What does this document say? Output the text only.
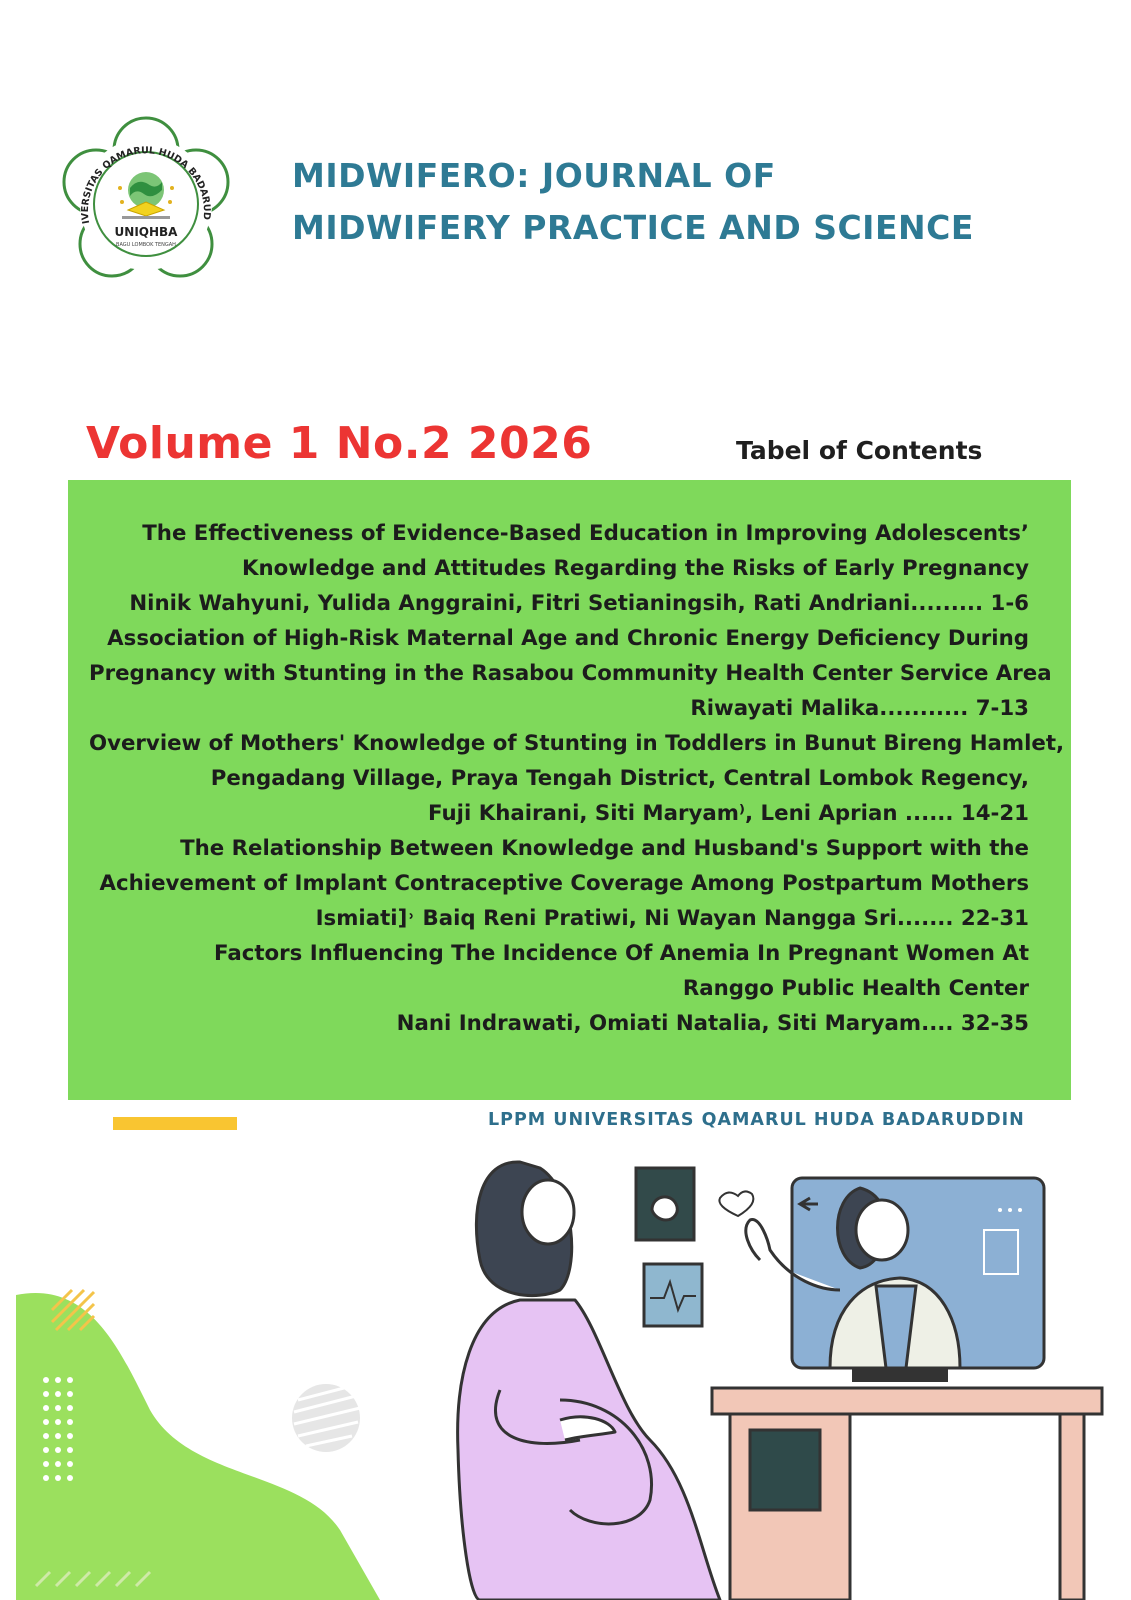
IVERSITAS QAMARUL HUDA BADARUD
UNIQHBA
BAGU LOMBOK TENGAH
MIDWIFERO: JOURNAL OF
MIDWIFERY PRACTICE AND SCIENCE
Volume 1 No.2 2026	Tabel of Contents
The Effectiveness of Evidence-Based Education in Improving Adolescents’
Knowledge and Attitudes Regarding the Risks of Early Pregnancy
Ninik Wahyuni, Yulida Anggraini, Fitri Setianingsih, Rati Andriani......... 1-6
Association of High-Risk Maternal Age and Chronic Energy Deficiency During
Pregnancy with Stunting in the Rasabou Community Health Center Service Area
Riwayati Malika........... 7-13
Overview of Mothers' Knowledge of Stunting in Toddlers in Bunut Bireng Hamlet,
Pengadang Village, Praya Tengah District, Central Lombok Regency,
Fuji Khairani, Siti Maryam⁾, Leni Aprian ...... 14-21
The Relationship Between Knowledge and Husband's Support with the
Achievement of Implant Contraceptive Coverage Among Postpartum Mothers
Ismiati]˒ Baiq Reni Pratiwi, Ni Wayan Nangga Sri....... 22-31
Factors Influencing The Incidence Of Anemia In Pregnant Women At
Ranggo Public Health Center
Nani Indrawati, Omiati Natalia, Siti Maryam.... 32-35

LPPM UNIVERSITAS QAMARUL HUDA BADARUDDIN
